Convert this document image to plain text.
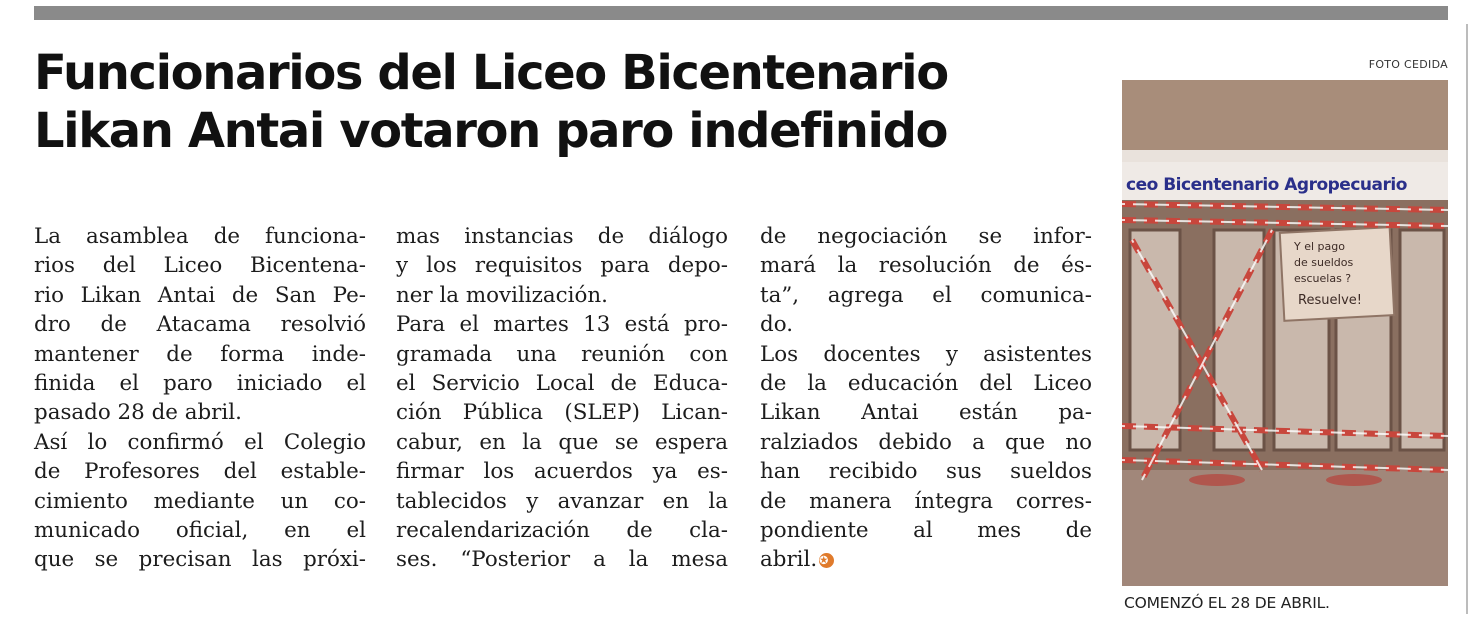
Funcionarios del Liceo Bicentenario
Likan Antai votaron paro indefinido
La asamblea de funciona-
rios del Liceo Bicentena-
rio Likan Antai de San Pe-
dro de Atacama resolvió
mantener de forma inde-
finida el paro iniciado el
pasado 28 de abril.
Así lo confirmó el Colegio
de Profesores del estable-
cimiento mediante un co-
municado oficial, en el
que se precisan las próxi-
mas instancias de diálogo
y los requisitos para depo-
ner la movilización.
Para el martes 13 está pro-
gramada una reunión con
el Servicio Local de Educa-
ción Pública (SLEP) Lican-
cabur, en la que se espera
firmar los acuerdos ya es-
tablecidos y avanzar en la
recalendarización de cla-
ses. “Posterior a la mesa
de negociación se infor-
mará la resolución de és-
ta”, agrega el comunica-
do.
Los docentes y asistentes
de la educación del Liceo
Likan Antai están pa-
ralziados debido a que no
han recibido sus sueldos
de manera íntegra corres-
pondiente al mes de
abril. ✪
FOTO CEDIDA
ceo Bicentenario Agropecuario
Y el pago
de sueldos
escuelas ?
Resuelve!
COMENZÓ EL 28 DE ABRIL.
